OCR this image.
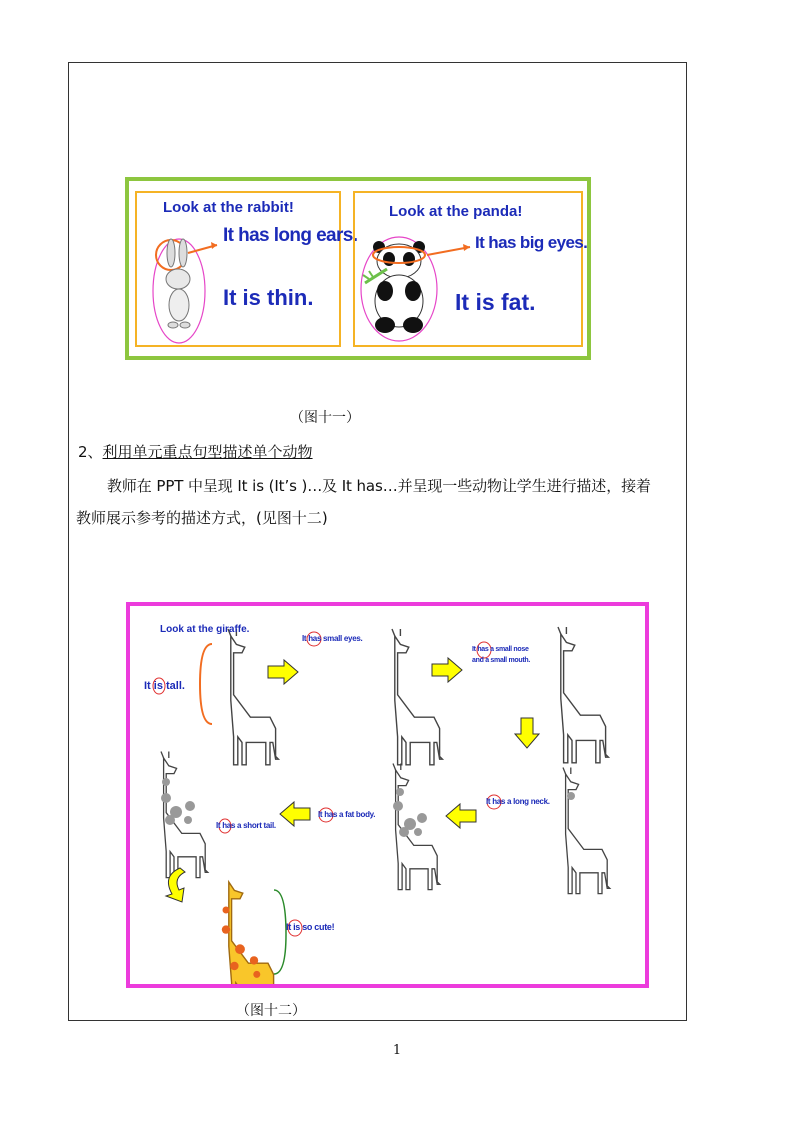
Look at the rabbit!
It has long ears.
It is thin.
Look at the panda!
It has big eyes.
It is fat.
（图十一）
2、利用单元重点句型描述单个动物
教师在 PPT 中呈现 It is (It’s )…及 It has…并呈现一些动物让学生进行描述，接着
教师展示参考的描述方式，(见图十二)
Look at the giraffe.
It is tall.
It has small eyes.
It has a small nose
and a small mouth.
It has a long neck.
It has a fat body.
It has a short tail.
It is so cute!
（图十二）
1
